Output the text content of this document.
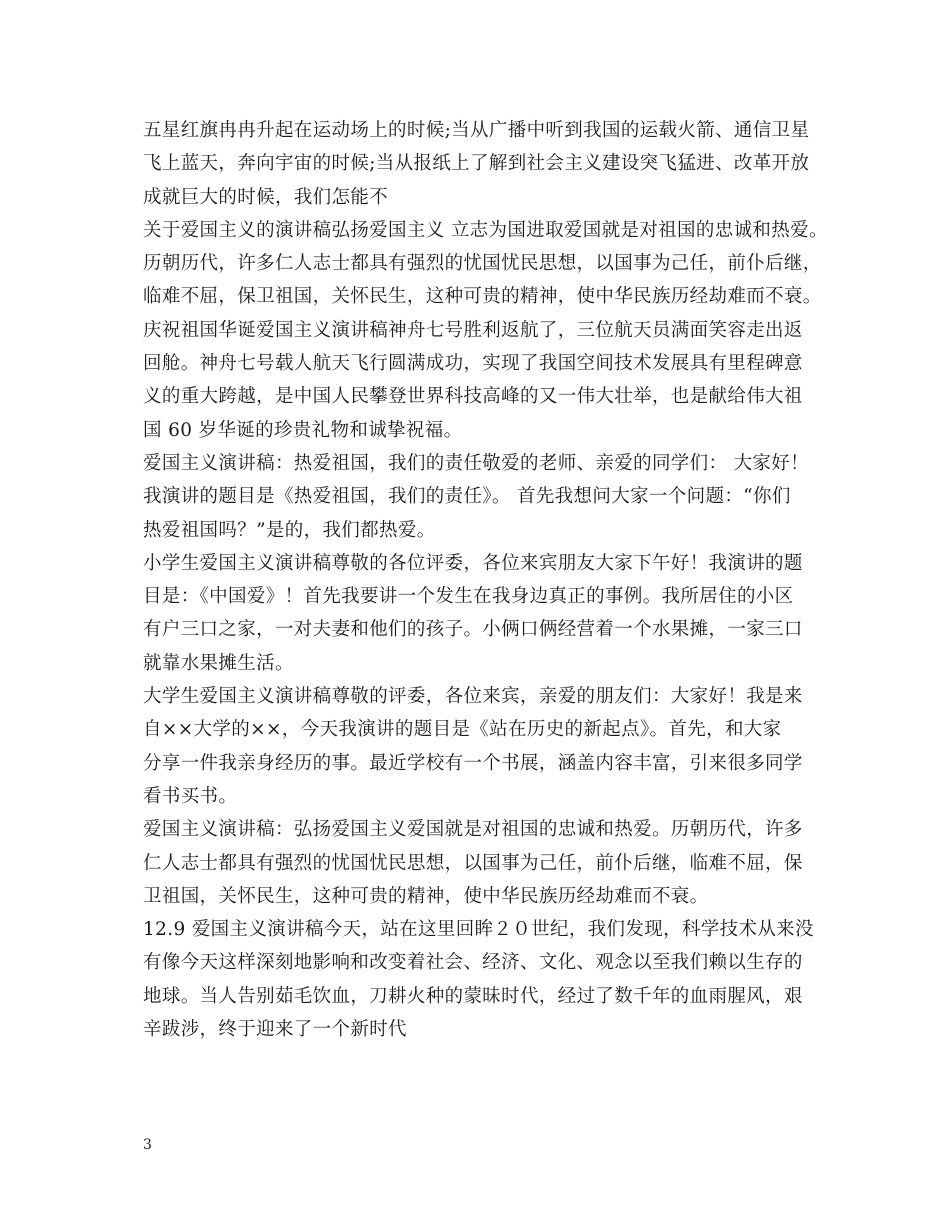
五星红旗冉冉升起在运动场上的时候;当从广播中听到我国的运载火箭、通信卫星
飞上蓝天，奔向宇宙的时候;当从报纸上了解到社会主义建设突飞猛进、改革开放
成就巨大的时候，我们怎能不
关于爱国主义的演讲稿弘扬爱国主义 立志为国进取爱国就是对祖国的忠诚和热爱。
历朝历代，许多仁人志士都具有强烈的忧国忧民思想，以国事为己任，前仆后继，
临难不屈，保卫祖国，关怀民生，这种可贵的精神，使中华民族历经劫难而不衰。
庆祝祖国华诞爱国主义演讲稿神舟七号胜利返航了，三位航天员满面笑容走出返
回舱。神舟七号载人航天飞行圆满成功，实现了我国空间技术发展具有里程碑意
义的重大跨越，是中国人民攀登世界科技高峰的又一伟大壮举，也是献给伟大祖
国 60 岁华诞的珍贵礼物和诚挚祝福。
爱国主义演讲稿：热爱祖国，我们的责任敬爱的老师、亲爱的同学们： 大家好！
我演讲的题目是《热爱祖国，我们的责任》。 首先我想问大家一个问题：“你们
热爱祖国吗？”是的，我们都热爱。
小学生爱国主义演讲稿尊敬的各位评委，各位来宾朋友大家下午好！我演讲的题
目是：《中国爱》！首先我要讲一个发生在我身边真正的事例。我所居住的小区
有户三口之家，一对夫妻和他们的孩子。小俩口俩经营着一个水果摊，一家三口
就靠水果摊生活。
大学生爱国主义演讲稿尊敬的评委，各位来宾，亲爱的朋友们：大家好！我是来
自××大学的××，今天我演讲的题目是《站在历史的新起点》。首先，和大家
分享一件我亲身经历的事。最近学校有一个书展，涵盖内容丰富，引来很多同学
看书买书。
爱国主义演讲稿：弘扬爱国主义爱国就是对祖国的忠诚和热爱。历朝历代，许多
仁人志士都具有强烈的忧国忧民思想，以国事为己任，前仆后继，临难不屈，保
卫祖国，关怀民生，这种可贵的精神，使中华民族历经劫难而不衰。
12.9 爱国主义演讲稿今天，站在这里回眸２０世纪，我们发现，科学技术从来没
有像今天这样深刻地影响和改变着社会、经济、文化、观念以至我们赖以生存的
地球。当人告别茹毛饮血，刀耕火种的蒙昧时代，经过了数千年的血雨腥风，艰
辛跋涉，终于迎来了一个新时代
3
